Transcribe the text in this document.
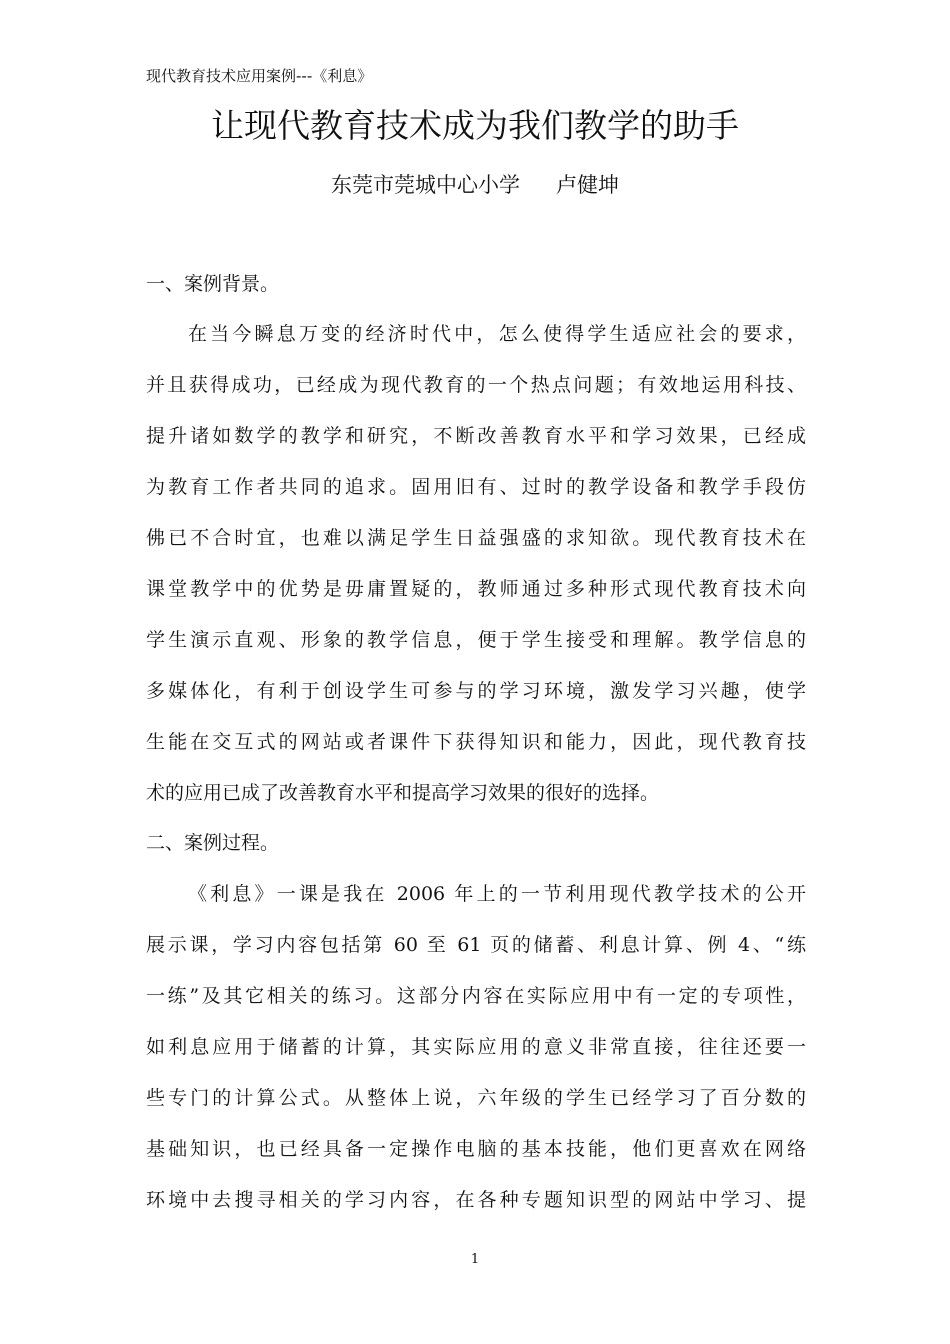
现代教育技术应用案例---《利息》
让现代教育技术成为我们教学的助手
东莞市莞城中心小学 卢健坤
一、案例背景。
在当今瞬息万变的经济时代中，怎么使得学生适应社会的要求，
并且获得成功，已经成为现代教育的一个热点问题；有效地运用科技、
提升诸如数学的教学和研究，不断改善教育水平和学习效果，已经成
为教育工作者共同的追求。固用旧有、过时的教学设备和教学手段仿
佛已不合时宜，也难以满足学生日益强盛的求知欲。现代教育技术在
课堂教学中的优势是毋庸置疑的，教师通过多种形式现代教育技术向
学生演示直观、形象的教学信息，便于学生接受和理解。教学信息的
多媒体化，有利于创设学生可参与的学习环境，激发学习兴趣，使学
生能在交互式的网站或者课件下获得知识和能力，因此，现代教育技
术的应用已成了改善教育水平和提高学习效果的很好的选择。
二、案例过程。
《利息》一课是我在 2006 年上的一节利用现代教学技术的公开
展示课，学习内容包括第 60 至 61 页的储蓄、利息计算、例 4、“练
一练”及其它相关的练习。这部分内容在实际应用中有一定的专项性，
如利息应用于储蓄的计算，其实际应用的意义非常直接，往往还要一
些专门的计算公式。从整体上说，六年级的学生已经学习了百分数的
基础知识，也已经具备一定操作电脑的基本技能，他们更喜欢在网络
环境中去搜寻相关的学习内容，在各种专题知识型的网站中学习、提
1
